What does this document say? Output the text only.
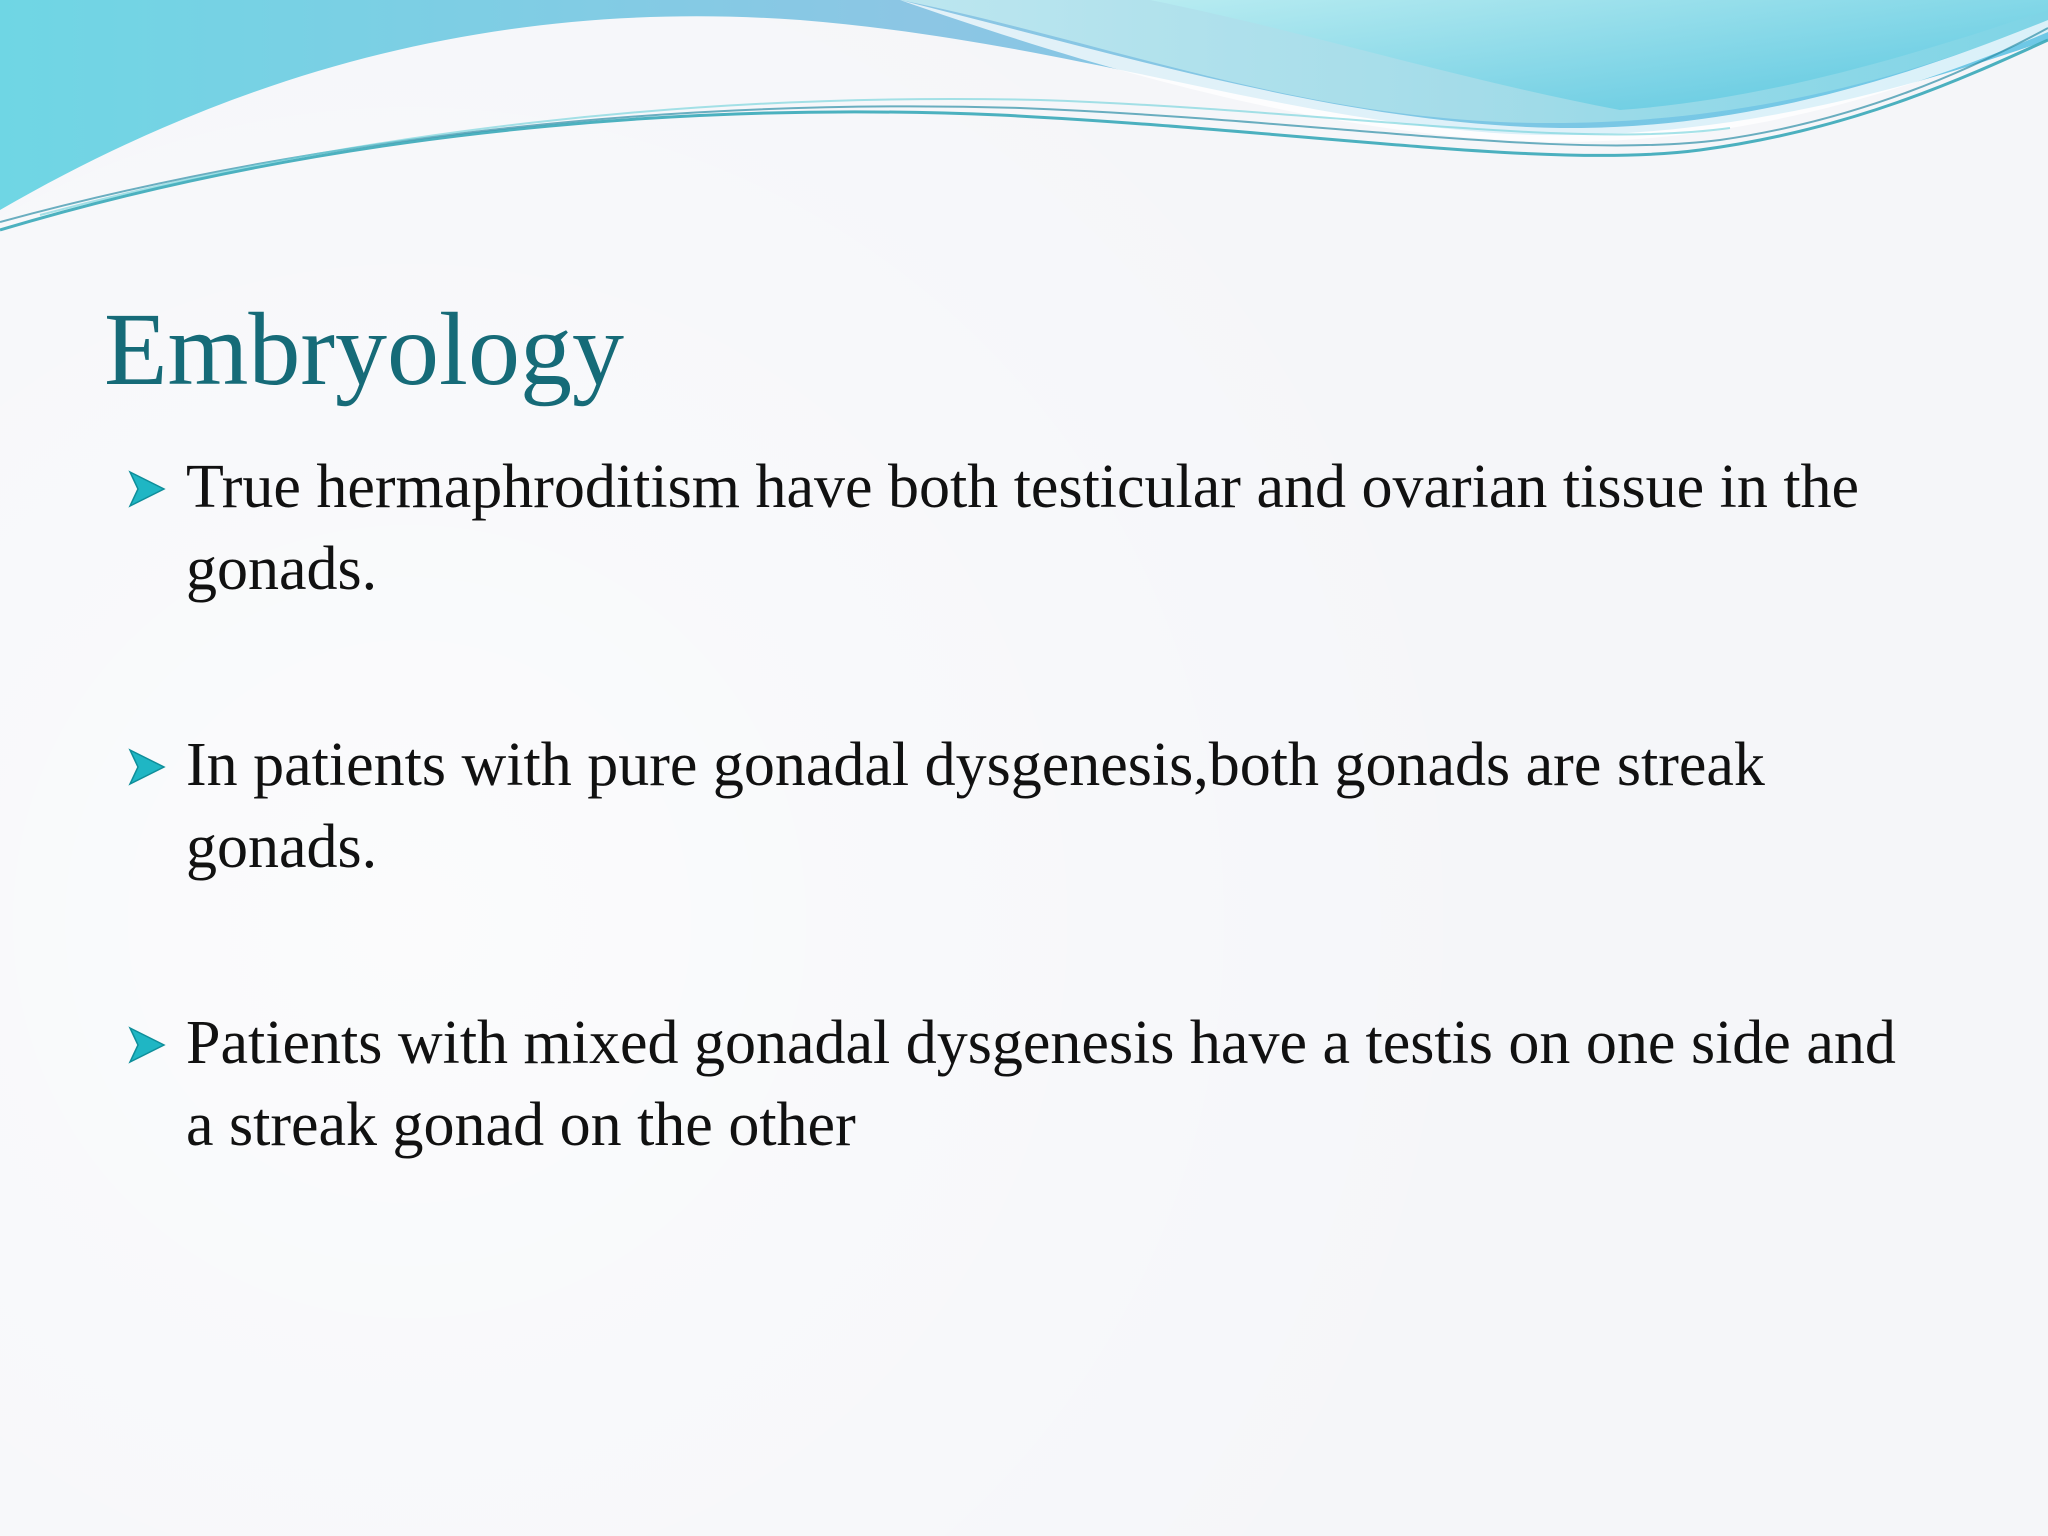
Embryology
True hermaphroditism have both testicular and ovarian tissue in the gonads.
In patients with pure gonadal dysgenesis,both gonads are streak gonads.
Patients with mixed gonadal dysgenesis have a testis on one side and a streak gonad on the other
